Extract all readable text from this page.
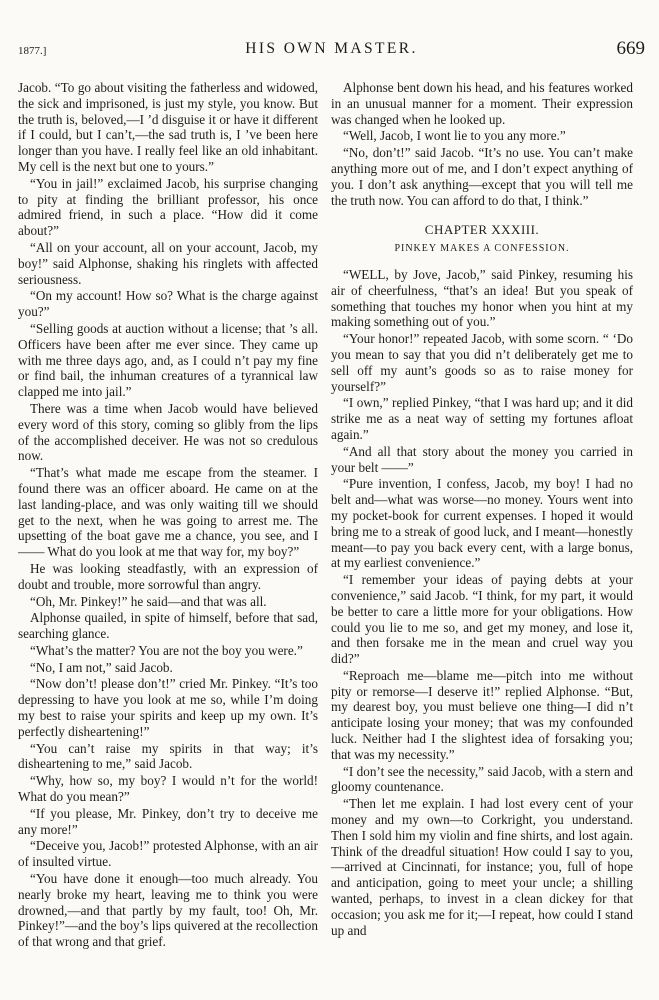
1877.]	HIS OWN MASTER.	669

Jacob. “To go about visiting the fatherless and widowed, the sick and imprisoned, is just my style, you know. But the truth is, beloved,—I ’d disguise it or have it different if I could, but I can’t,—the sad truth is, I ’ve been here longer than you have. I really feel like an old inhabitant. My cell is the next but one to yours.”

“You in jail!” exclaimed Jacob, his surprise changing to pity at finding the brilliant professor, his once admired friend, in such a place. “How did it come about?”

“All on your account, all on your account, Jacob, my boy!” said Alphonse, shaking his ringlets with affected seriousness.

“On my account! How so? What is the charge against you?”

“Selling goods at auction without a license; that ’s all. Officers have been after me ever since. They came up with me three days ago, and, as I could n’t pay my fine or find bail, the inhuman creatures of a tyrannical law clapped me into jail.”

There was a time when Jacob would have believed every word of this story, coming so glibly from the lips of the accomplished deceiver. He was not so credulous now.

“That’s what made me escape from the steamer. I found there was an officer aboard. He came on at the last landing-place, and was only waiting till we should get to the next, when he was going to arrest me. The upsetting of the boat gave me a chance, you see, and I —— What do you look at me that way for, my boy?”

He was looking steadfastly, with an expression of doubt and trouble, more sorrowful than angry.

“Oh, Mr. Pinkey!” he said—and that was all.

Alphonse quailed, in spite of himself, before that sad, searching glance.

“What’s the matter? You are not the boy you were.”

“No, I am not,” said Jacob.

“Now don’t! please don’t!” cried Mr. Pinkey. “It’s too depressing to have you look at me so, while I’m doing my best to raise your spirits and keep up my own. It’s perfectly disheartening!”

“You can’t raise my spirits in that way; it’s disheartening to me,” said Jacob.

“Why, how so, my boy? I would n’t for the world! What do you mean?”

“If you please, Mr. Pinkey, don’t try to deceive me any more!”

“Deceive you, Jacob!” protested Alphonse, with an air of insulted virtue.

“You have done it enough—too much already. You nearly broke my heart, leaving me to think you were drowned,—and that partly by my fault, too! Oh, Mr. Pinkey!”—and the boy’s lips quivered at the recollection of that wrong and that grief.

Alphonse bent down his head, and his features worked in an unusual manner for a moment. Their expression was changed when he looked up.

“Well, Jacob, I wont lie to you any more.”

“No, don’t!” said Jacob. “It’s no use. You can’t make anything more out of me, and I don’t expect anything of you. I don’t ask anything—except that you will tell me the truth now. You can afford to do that, I think.”

CHAPTER XXXIII.
PINKEY MAKES A CONFESSION.

“WELL, by Jove, Jacob,” said Pinkey, resuming his air of cheerfulness, “that’s an idea! But you speak of something that touches my honor when you hint at my making something out of you.”

“Your honor!” repeated Jacob, with some scorn. “ ‘Do you mean to say that you did n’t deliberately get me to sell off my aunt’s goods so as to raise money for yourself?”

“I own,” replied Pinkey, “that I was hard up; and it did strike me as a neat way of setting my fortunes afloat again.”

“And all that story about the money you carried in your belt ——”

“Pure invention, I confess, Jacob, my boy! I had no belt and—what was worse—no money. Yours went into my pocket-book for current expenses. I hoped it would bring me to a streak of good luck, and I meant—honestly meant—to pay you back every cent, with a large bonus, at my earliest convenience.”

“I remember your ideas of paying debts at your convenience,” said Jacob. “I think, for my part, it would be better to care a little more for your obligations. How could you lie to me so, and get my money, and lose it, and then forsake me in the mean and cruel way you did?”

“Reproach me—blame me—pitch into me without pity or remorse—I deserve it!” replied Alphonse. “But, my dearest boy, you must believe one thing—I did n’t anticipate losing your money; that was my confounded luck. Neither had I the slightest idea of forsaking you; that was my necessity.”

“I don’t see the necessity,” said Jacob, with a stern and gloomy countenance.

“Then let me explain. I had lost every cent of your money and my own—to Corkright, you understand. Then I sold him my violin and fine shirts, and lost again. Think of the dreadful situation! How could I say to you,—arrived at Cincinnati, for instance; you, full of hope and anticipation, going to meet your uncle; a shilling wanted, perhaps, to invest in a clean dickey for that occasion; you ask me for it;—I repeat, how could I stand up and
